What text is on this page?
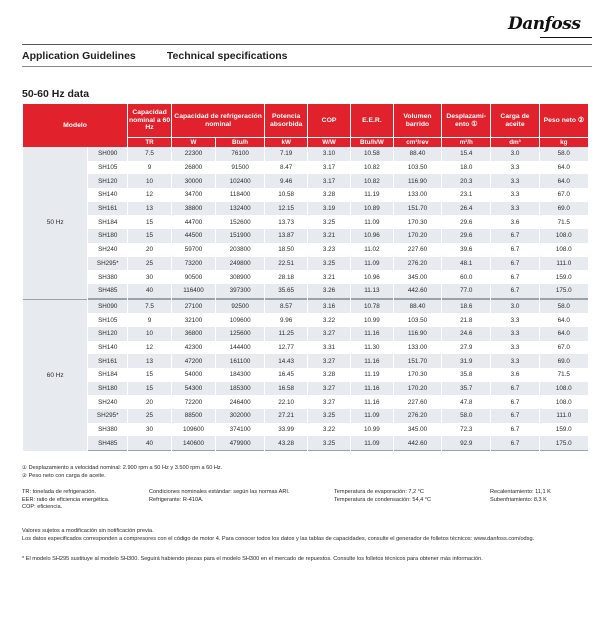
Danfoss
Application Guidelines	Technical specifications
50-60 Hz data
Modelo		Capacidad nominal a 60 Hz	Capacidad de refrigeración nominal		Potencia absorbida	COP	E.E.R.	Volumen barrido	Desplazami-ento ①	Carga de aceite	Peso neto ②
		TR	W	Btu/h	kW	W/W	Btu/h/W	cm³/rev	m³/h	dm³	kg
50 Hz	SH090	7.5	22300	76100	7.19	3.10	10.58	88.40	15.4	3.0	58.0
	SH105	9	26800	91500	8.47	3.17	10.82	103.50	18.0	3.3	64.0
	SH120	10	30000	102400	9.46	3.17	10.82	116.90	20.3	3.3	64.0
	SH140	12	34700	118400	10.58	3.28	11.19	133.00	23.1	3.3	67.0
	SH161	13	38800	132400	12.15	3.19	10.89	151.70	26.4	3.3	69.0
	SH184	15	44700	152600	13.73	3.25	11.09	170.30	29.6	3.6	71.5
	SH180	15	44500	151900	13.87	3.21	10.96	170.20	29.6	6.7	108.0
	SH240	20	59700	203800	18.50	3.23	11.02	227.60	39.6	6.7	108.0
	SH295*	25	73200	249800	22.51	3.25	11.09	276.20	48.1	6.7	111.0
	SH380	30	90500	308900	28.18	3.21	10.96	345.00	60.0	6.7	159.0
	SH485	40	116400	397300	35.65	3.26	11.13	442.60	77.0	6.7	175.0
60 Hz	SH090	7.5	27100	92500	8.57	3.16	10.78	88.40	18.6	3.0	58.0
	SH105	9	32100	109600	9.96	3.22	10.99	103.50	21.8	3.3	64.0
	SH120	10	36800	125600	11.25	3.27	11.16	116.90	24.6	3.3	64.0
	SH140	12	42300	144400	12.77	3.31	11.30	133.00	27.9	3.3	67.0
	SH161	13	47200	161100	14.43	3.27	11.16	151.70	31.9	3.3	69.0
	SH184	15	54000	184300	16.45	3.28	11.19	170.30	35.8	3.6	71.5
	SH180	15	54300	185300	16.58	3.27	11.16	170.20	35.7	6.7	108.0
	SH240	20	72200	246400	22.10	3.27	11.16	227.60	47.8	6.7	108.0
	SH295*	25	88500	302000	27.21	3.25	11.09	276.20	58.0	6.7	111.0
	SH380	30	109600	374100	33.99	3.22	10.99	345.00	72.3	6.7	159.0
	SH485	40	140600	479900	43.28	3.25	11.09	442.60	92.9	6.7	175.0
① Desplazamiento a velocidad nominal: 2.900 rpm a 50 Hz y 3.500 rpm a 60 Hz.
② Peso neto con carga de aceite.
TR: tonelada de refrigeración.
EER: ratio de eficiencia energética.
COP: eficiencia.
Condiciones nominales estándar: según las normas ARI.
Refrigerante: R-410A.
Temperatura de evaporación: 7,2 °C
Temperatura de condensación: 54,4 °C
Recalentamiento: 11,1 K
Subenfriamiento: 8,3 K
Valores sujetos a modificación sin notificación previa.
Los datos especificados corresponden a compresores con el código de motor 4. Para conocer todos los datos y las tablas de capacidades, consulte el generador de folletos técnicos: www.danfoss.com/odsg.
* El modelo SH295 sustituye al modelo SH300. Seguirá habiendo piezas para el modelo SH300 en el mercado de repuestos. Consulte los folletos técnicos para obtener más información.
